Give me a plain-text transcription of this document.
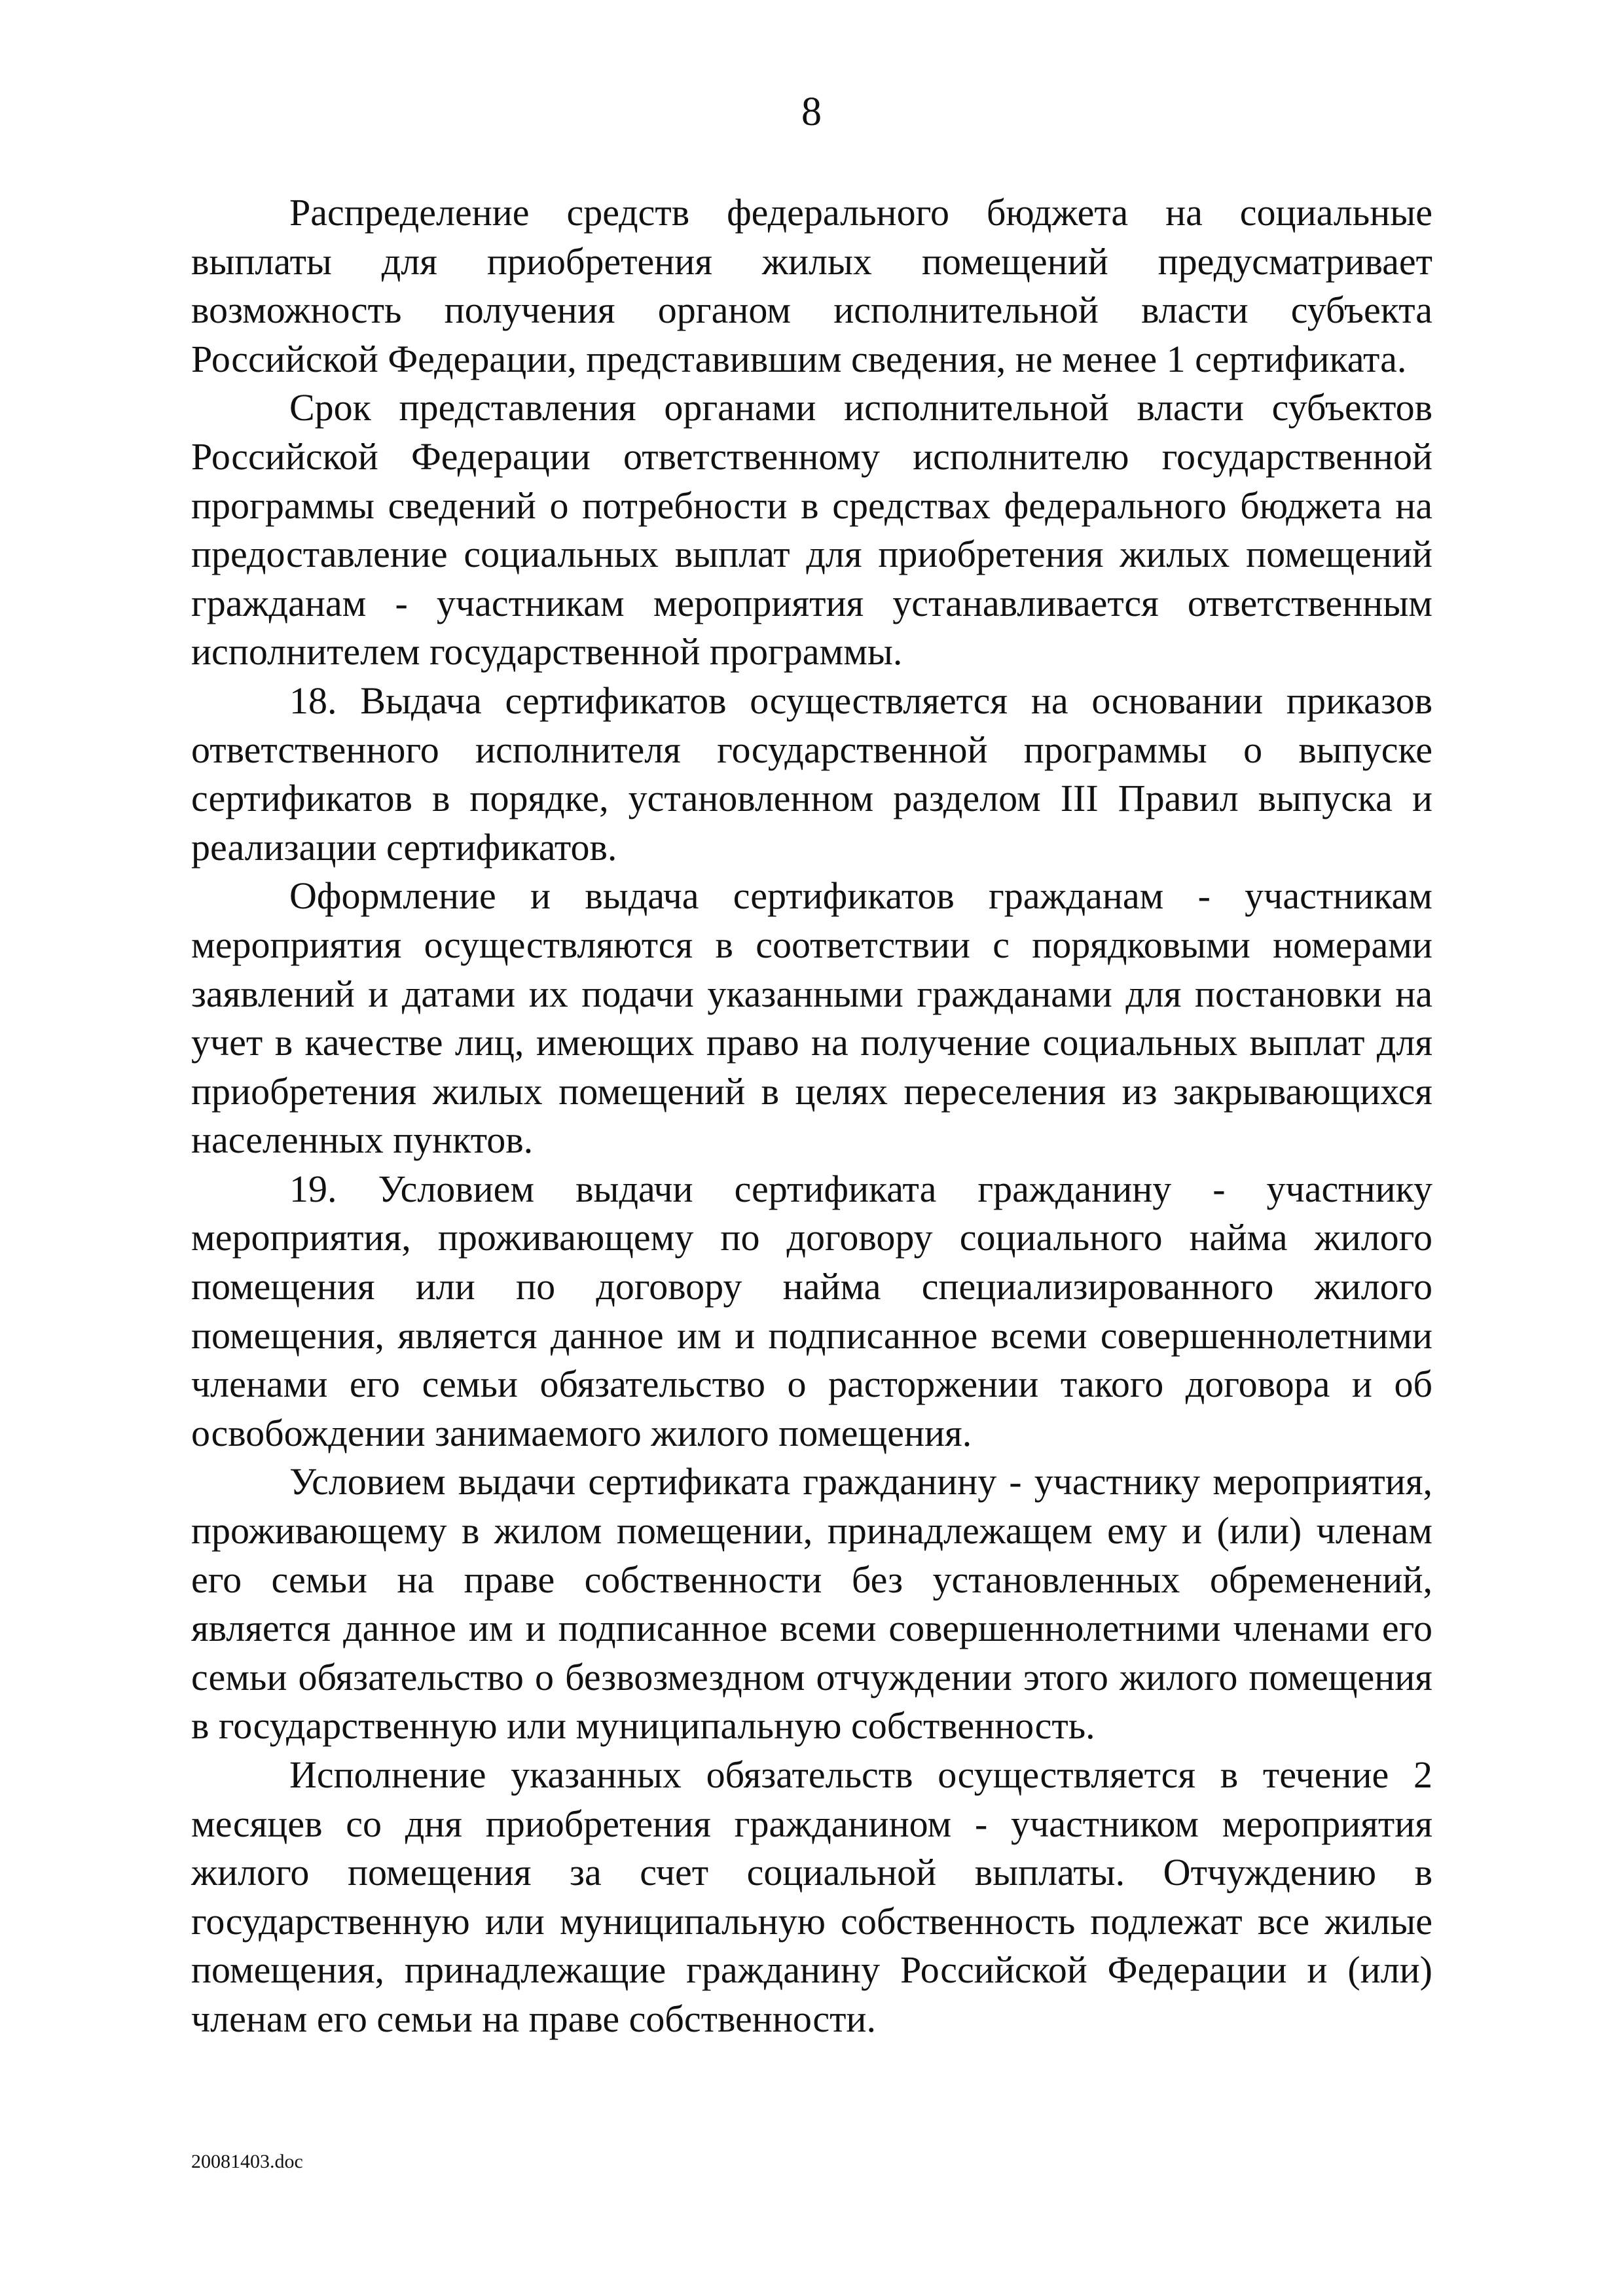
8

Распределение средств федерального бюджета на социальные выплаты для приобретения жилых помещений предусматривает возможность получения органом исполнительной власти субъекта Российской Федерации, представившим сведения, не менее 1 сертификата.

Срок представления органами исполнительной власти субъектов Российской Федерации ответственному исполнителю государственной программы сведений о потребности в средствах федерального бюджета на предоставление социальных выплат для приобретения жилых помещений гражданам - участникам мероприятия устанавливается ответственным исполнителем государственной программы.

18. Выдача сертификатов осуществляется на основании приказов ответственного исполнителя государственной программы о выпуске сертификатов в порядке, установленном разделом III Правил выпуска и реализации сертификатов.

Оформление и выдача сертификатов гражданам - участникам мероприятия осуществляются в соответствии с порядковыми номерами заявлений и датами их подачи указанными гражданами для постановки на учет в качестве лиц, имеющих право на получение социальных выплат для приобретения жилых помещений в целях переселения из закрывающихся населенных пунктов.

19. Условием выдачи сертификата гражданину - участнику мероприятия, проживающему по договору социального найма жилого помещения или по договору найма специализированного жилого помещения, является данное им и подписанное всеми совершеннолетними членами его семьи обязательство о расторжении такого договора и об освобождении занимаемого жилого помещения.

Условием выдачи сертификата гражданину - участнику мероприятия, проживающему в жилом помещении, принадлежащем ему и (или) членам его семьи на праве собственности без установленных обременений, является данное им и подписанное всеми совершеннолетними членами его семьи обязательство о безвозмездном отчуждении этого жилого помещения в государственную или муниципальную собственность.

Исполнение указанных обязательств осуществляется в течение 2 месяцев со дня приобретения гражданином - участником мероприятия жилого помещения за счет социальной выплаты. Отчуждению в государственную или муниципальную собственность подлежат все жилые помещения, принадлежащие гражданину Российской Федерации и (или) членам его семьи на праве собственности.

20081403.doc
